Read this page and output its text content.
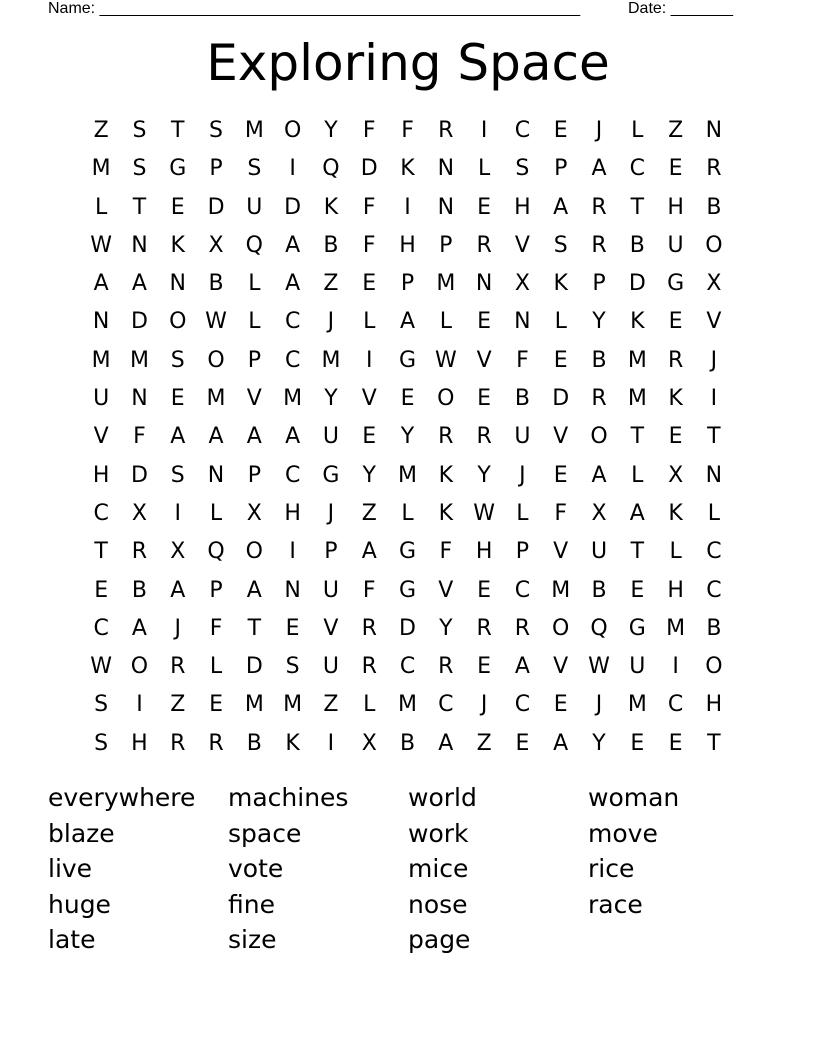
Name: ______________________________________________________	Date: _______
Exploring Space
Z	S	T	S M O	Y	F	F	R	I	C	E	J	L	Z	N
M S	G	P	S	I	Q D	K	N	L	S	P	A	C	E	R
L	T	E	D U D	K	F	I	N	E	H	A	R	T	H	B
W N	K	X	Q	A	B	F	H	P	R	V	S	R	B	U O
A	A	N	B	L	A	Z	E	P	M N	X	K	P	D G	X
N D O W L	C	J	L	A	L	E	N	L	Y	K	E	V
M M S	O	P	C M	I	G W V	F	E	B M R	J
U	N	E M V M	Y	V	E	O	E	B	D	R M K	I
V	F	A	A	A	A	U	E	Y	R	R	U	V	O	T	E	T
H D	S	N	P	C	G	Y	M K	Y	J	E	A	L	X	N
C	X	I	L	X	H	J	Z	L	K W L	F	X	A	K	L
T	R	X	Q O	I	P	A	G	F	H	P	V	U	T	L	C
E	B	A	P	A	N	U	F	G	V	E	C M B	E	H	C
C	A	J	F	T	E	V	R	D	Y	R	R O Q G M B
W O R	L	D	S	U	R	C	R	E	A	V W U	I	O
S	I	Z	E M M Z	L	M C	J	C	E	J	M C	H
S	H	R	R	B	K	I	X	B	A	Z	E	A	Y	E	E	T
everywhere
blaze
live
huge
late
machines
space
vote
fine
size
world
work
mice
nose
page
woman
move
rice
race
